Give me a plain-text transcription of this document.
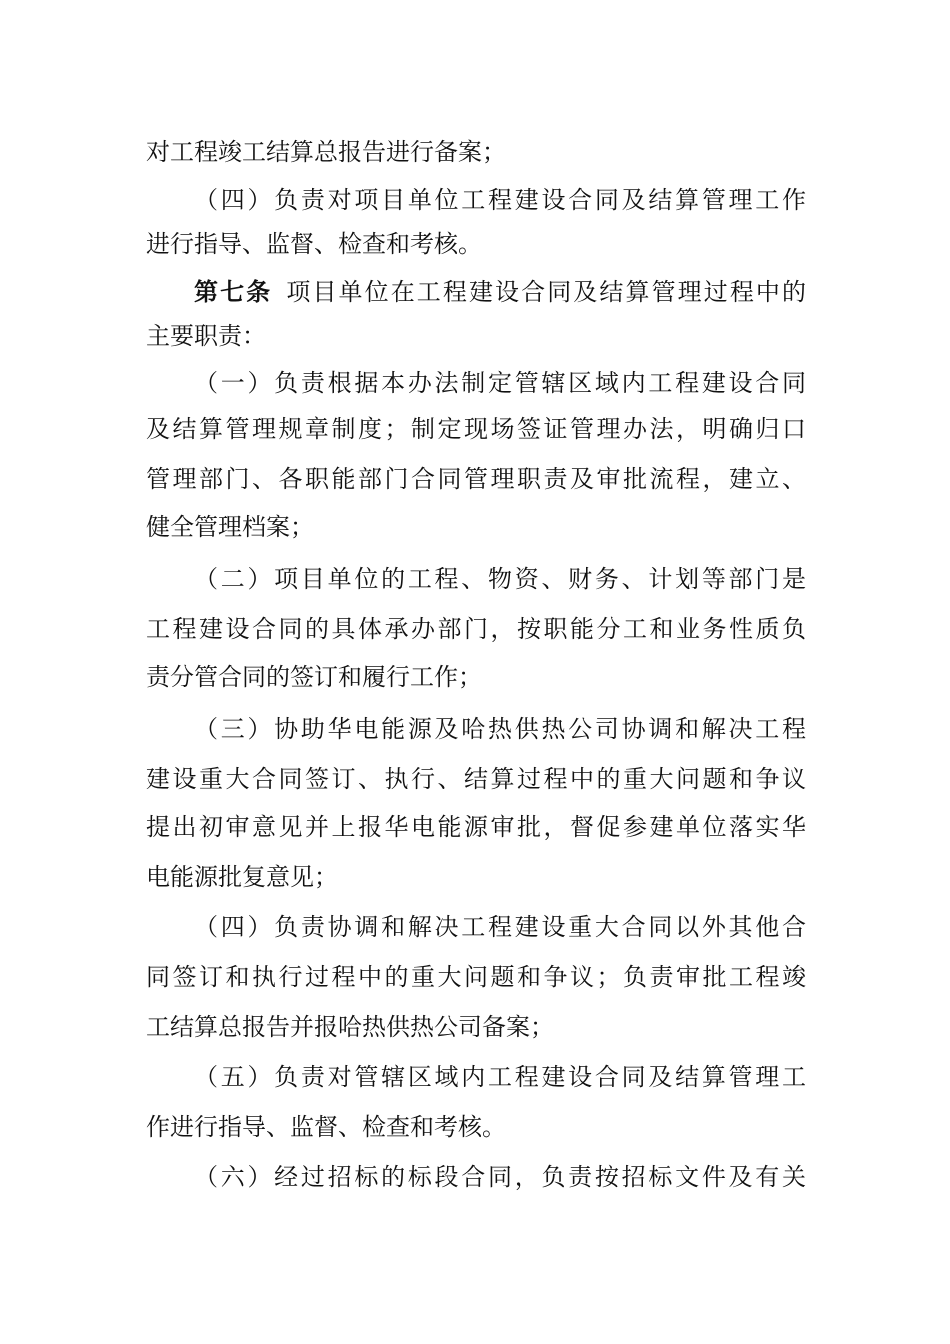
对工程竣工结算总报告进行备案；
（四）负责对项目单位工程建设合同及结算管理工作
进行指导、监督、检查和考核。
第七条 项目单位在工程建设合同及结算管理过程中的
主要职责：
（一）负责根据本办法制定管辖区域内工程建设合同
及结算管理规章制度；制定现场签证管理办法，明确归口
管理部门、各职能部门合同管理职责及审批流程，建立、
健全管理档案；
（二）项目单位的工程、物资、财务、计划等部门是
工程建设合同的具体承办部门，按职能分工和业务性质负
责分管合同的签订和履行工作；
（三）协助华电能源及哈热供热公司协调和解决工程
建设重大合同签订、执行、结算过程中的重大问题和争议
提出初审意见并上报华电能源审批，督促参建单位落实华
电能源批复意见；
（四）负责协调和解决工程建设重大合同以外其他合
同签订和执行过程中的重大问题和争议；负责审批工程竣
工结算总报告并报哈热供热公司备案；
（五）负责对管辖区域内工程建设合同及结算管理工
作进行指导、监督、检查和考核。
（六）经过招标的标段合同，负责按招标文件及有关
